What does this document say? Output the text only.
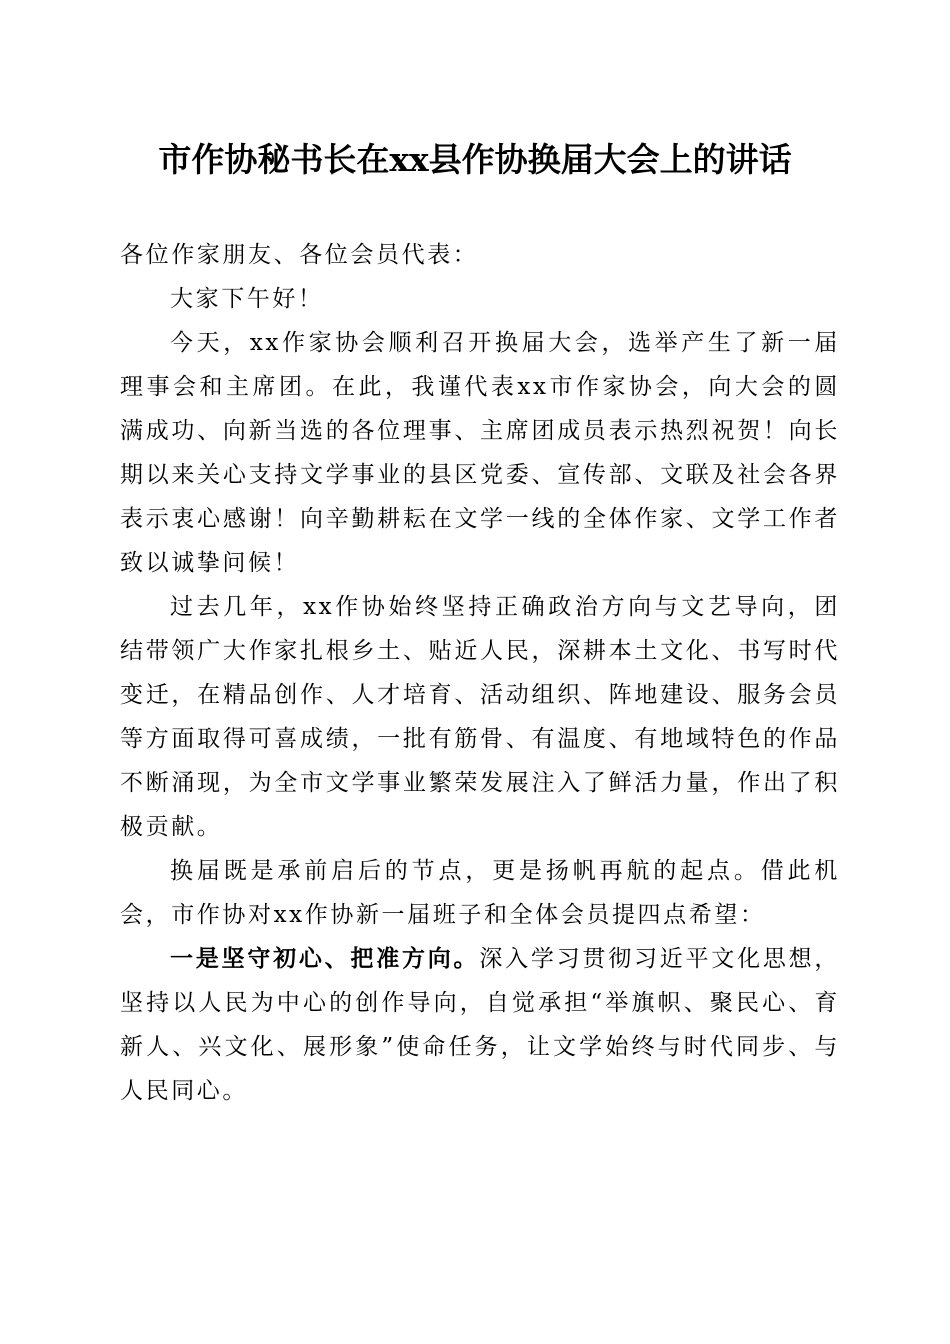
市作协秘书长在xx县作协换届大会上的讲话

各位作家朋友、各位会员代表：

大家下午好！

今天，xx作家协会顺利召开换届大会，选举产生了新一届理事会和主席团。在此，我谨代表xx市作家协会，向大会的圆满成功、向新当选的各位理事、主席团成员表示热烈祝贺！向长期以来关心支持文学事业的县区党委、宣传部、文联及社会各界表示衷心感谢！向辛勤耕耘在文学一线的全体作家、文学工作者致以诚挚问候！

过去几年，xx作协始终坚持正确政治方向与文艺导向，团结带领广大作家扎根乡土、贴近人民，深耕本土文化、书写时代变迁，在精品创作、人才培育、活动组织、阵地建设、服务会员等方面取得可喜成绩，一批有筋骨、有温度、有地域特色的作品不断涌现，为全市文学事业繁荣发展注入了鲜活力量，作出了积极贡献。

换届既是承前启后的节点，更是扬帆再航的起点。借此机会，市作协对xx作协新一届班子和全体会员提四点希望：

一是坚守初心、把准方向。深入学习贯彻习近平文化思想，坚持以人民为中心的创作导向，自觉承担“举旗帜、聚民心、育新人、兴文化、展形象”使命任务，让文学始终与时代同步、与人民同心。
